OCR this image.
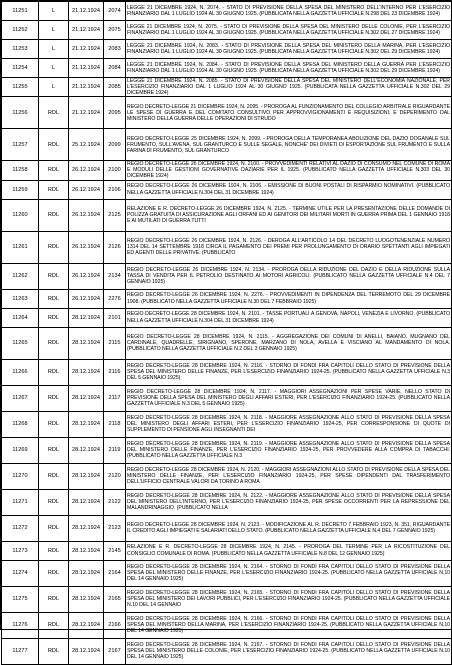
11251	L	21.12.1924	2074	LEGGE 21 DICEMBRE 1924, N. 2074. - STATO DI PREVISIONE DELLA SPESA DEL MINISTERO DELL'INTERNO PER L'ESERCIZIO FINANZIARIO DAL 1 LUGLIO 1924 AL 30 GIUGNO 1925. (PUBBLICATA NELLA GAZZETTA UFFICIALE N.298 DEL 23 DICEMBRE 1924)
11252	L	21.12.1924	2075	LEGGE 21 DICEMBRE 1924, N. 2075. - STATO DI PREVISIONE DELLA SPESA DEL MINISTERO DELLE COLONIE, PER L'ESERCIZIO FINANZIARIO DAL 1 LUGLIO 1924 AL 30 GIUGNO 1925. (PUBBLICATA NELLA GAZZETTA UFFICIALE N.302 DEL 27 DICEMBRE 1924)
11253	L	21.12.1924	2083	LEGGE 21 DICEMBRE 1924, N. 2083. - STATO DI PREVISIONE DELLA SPESA DEL MINISTERO DELLA MARINA, PER L'ESERCIZIO FINANZIARIO DAL 1 LUGLIO 1924 AL 30 GIUGNO 1925. (PUBBLICATA NELLA GAZZETTA UFFICIALE N.302 DEL 29 DICEMBRE 1924)
11254	L	21.12.1924	2084	LEGGE 21 DICEMBRE 1924, N. 2084. - STATO DI PREVISIONE DELLA SPESA DEL MINISTERO DELLA GUERRA PER L'ESERCIZIO FINANZIARIO DAL 1 LUGLIO 1924 AL 30 GIUGNO 1925. (PUBBLICATA NELLA GAZZETTA UFFICIALE N.302 DEL 29 DICEMBRE 1924)
11255	L	21.12.1924	2085	LEGGE 21 DICEMBRE 1924, N. 2085. - STATO DI PREVISIONE DELLA SPESA DEL MINISTERO DELL'ECONOMIA NAZIONALE, PER L'ESERCIZIO FINANZIARIO DAL 1 LUGLIO 1924 AL 30 GIUGNO 1925. (PUBBLICATA NELLA GAZZETTA UFFICIALE N.302 DEL 29 DICEMBRE 1924)
11256	RDL	21.12.1924	2095	REGIO DECRETO-LEGGE 21 DICEMBRE 1924, N. 2095. - PROROGA AL FUNZIONAMENTO DEL COLLEGIO ARBITRALE RIGUARDANTE LE SPESE DI GUERRA E DEL COMITATO CONSULTIVO PER APPROVVIGIONAMENTI E REQUISIZIONI, E DEPERIMENTO DAL MINISTERO DELLA GUERRA DELLE OPERAZIONI DI STRUDO
11257	RDL	25.12.1924	2099	REGIO DECRETO-LEGGE 25 DICEMBRE 1924, N. 2099. - PROROGA DELLA TEMPORANEA ABOLIZIONE DEL DAZIO DOGANALE SUL FRUMENTO, SULL'AVENA, SUL GRANTURCO E SULLE SEGALE, NONCHE' DEI DIVIETI DI ESPORTAZIONE SUL FRUMENTO E SULLA FARINA DI FRUMENTO, SUL GRANTURCO
11258	RDL	26.12.1924	2100	REGIO DECRETO-LEGGE 26 DICEMBRE 1924, N. 2100. - PROVVEDIMENTI RELATIVI AL DAZIO DI CONSUMO NEL COMUNE DI ROMA E MODULI DELLE GESTIONI GOVERNATIVE DAZIARIE PER IL 1925. (PUBBLICATO NELLA GAZZETTA UFFICIALE N.303 DEL 30 DICEMBRE 1924)
11259	RDL	26.12.1924	2106	REGIO DECRETO-LEGGE 26 DICEMBRE 1924, N. 2106. - EMISSIONE DI BUONI POSTALI DI RISPARMIO NOMINATIVI. (PUBBLICATO NELLA GAZZETTA UFFICIALE N.304 DEL 31 DICEMBRE 1924)
11260	RDL	26.12.1924	2125	RELAZIONE E R. DECRETO-LEGGE 26 DICEMBRE 1924, N. 2125. - TERMINE UTILE PER LA PRESENTAZIONE DELLE DOMANDE DI POLIZZA GRATUITA DI ASSICURAZIONE AGLI ORFANI ED AI GENITORI DEI MILITARI MORTI IN GUERRA PRIMA DEL 1 GENNAIO 1918 E AI MUTILATI DI GUERRA TUTTI
11261	RDL	26.12.1924	2126	REGIO DECRETO-LEGGE 26 DICEMBRE 1924, N. 2126. - DEROGA ALL'ARTICOLO 14 DEL DECRETO LUOGOTENENZIALE NUMERO 1314 DEL 14 SETTEMBRE 1918 CIRCA IL PAGAMENTO DEI PREMI PER PROLUNGAMENTO DI ORARIO SPETTANTI AGLI IMPIEGATI ED AGENTI DELLE PRIVATIVE. (PUBBLICATO
11262	RDL	26.12.1924	2134	REGIO DECRETO-LEGGE 26 DICEMBRE 1924, N. 2134. - PROROGA DELLA RIDUZIONE DEL DAZIO E DELLA RIDUZIONE SULLA TASSA DI VENDITA PER IL PETROLIO DESTINATO AI MOTORI AGRICOLI. (PUBBLICATO NELLA GAZZETTA UFFICIALE N.4 DEL 7 GENNAIO 1925)
11263	RDL	26.12.1924	2276	REGIO DECRETO-LEGGE 26 DICEMBRE 1924, N. 2276. - PROVVEDIMENTI IN DIPENDENZA DEL TERREMOTO DEL 29 DICEMBRE 1908. (PUBBLICATO NELLA GAZZETTA UFFICIALE N.30 DEL 7 FEBBRAIO 1925)
11264	RDL	28.12.1924	2101	REGIO DECRETO-LEGGE 28 DICEMBRE 1924, N. 2101. - TASSE PORTUALI A GENOVA, NAPOLI, VENEZIA E LIVORNO. (PUBBLICATO NELLA GAZZETTA UFFICIALE N.304 DEL 31 DICEMBRE 1924)
11265	RDL	28.12.1924	2115	REGIO DECRETO-LEGGE 28 DICEMBRE 1924, N. 2115. - AGGREGAZIONE DEI COMUNI DI ANELLI, BAIANO, MUGNANO DEL CARDINALE, QUADRELLE, SIRIGNANO, SPERONE, MARZANO DI NOLA, AVELLA E VISCIANO AL MANDAMENTO DI NOLA. (PUBBLICATO NELLA GAZZETTA UFFICIALE N.2 DEL 3 GENNAIO 1925)
11266	RDL	28.12.1924	2116	REGIO DECRETO-LEGGE 28 DICEMBRE 1924, N. 2116. - STORNO DI FONDI FRA CAPITOLI DELLO STATO DI PREVISIONE DELLA SPESA DEL MINISTERO DELLE FINANZE, PER L'ESERCIZIO FINANZIARIO 1924-25. (PUBBLICATO NELLA GAZZETTA UFFICIALE N.3 DEL 5 GENNAIO 1925)
11267	RDL	28.12.1924	2117	REGIO DECRETO-LEGGE 28 DICEMBRE 1924, N. 2117. - MAGGIORI ASSEGNAZIONI PER SPESE VARIE, NELLO STATO DI PREVISIONE DELLA SPESA DEL MINISTERO DEGLI AFFARI ESTERI, PER L'ESERCIZIO FINANZIARIO 1924-25. (PUBBLICATO NELLA GAZZETTA UFFICIALE N.3 DEL 5 GENNAIO 1925)
11268	RDL	28.12.1924	2118	REGIO DECRETO-LEGGE 28 DICEMBRE 1924, N. 2118. - MAGGIORE ASSEGNAZIONE ALLO STATO DI PREVISIONE DELLA SPESA DEL MINISTERO DEGLI AFFARI ESTERI, PER L'ESERCIZIO FINANZIARIO 1924-25, PER CORRESPONSIONE DI QUOTE DI SUPPLEMENTO DI PENSIONE AGLI INSEGNANTI DEI
11269	RDL	28.12.1924	2119	REGIO DECRETO-LEGGE 28 DICEMBRE 1924, N. 2119. - MAGGIORE ASSEGNAZIONE ALLO STATO DI PREVISIONE DELLA SPESA DEL MINISTERO DELLE FINANZE, PER L'ESERCIZIO FINANZIARIO 1924-25, PER PROVVEDERE ALLA COMPRA DI TABACCHI. (PUBBLICATO NELLA GAZZETTA UFFICIALE N.3
11270	RDL	28.12.1924	2120	REGIO DECRETO-LEGGE 28 DICEMBRE 1924, N. 2120. - MAGGIORI ASSEGNAZIONI ALLO STATO DI PREVISIONE DELLA SPESA DEL MINISTERO DELLE FINANZE, PER L'ESERCIZIO FINANZIARIO 1924-25, PER SPESE DIPENDENTI DAL TRASFERIMENTO DELL'UFFICIO CENTRALE VALORI DA TORINO A ROMA
11271	RDL	28.12.1924	2122	REGIO DECRETO-LEGGE 28 DICEMBRE 1924, N. 2122. - MAGGIORE ASSEGNAZIONE ALLO STATO DI PREVISIONE DELLA SPESA DEL MINISTERO DELL'INTERNO, PER L'ESERCIZIO FINANZIARIO 1924-25, PER SPESE OCCORRENTI PER LA REPRESSIONE DEL MALANDRINAGGIO. (PUBBLICATO NELLA
11272	RDL	28.12.1924	2123	REGIO DECRETO-LEGGE 28 DICEMBRE 1924, N. 2123. - MODIFICAZIONE AL R. DECRETO 7 FEBBRAIO 1923, N. 351, RIGUARDANTE IL CREDITO AGLI IMPIEGATI E SALARIATI DELLO STATO. (PUBBLICATO NELLA GAZZETTA UFFICIALE N.4 DEL 7 GENNAIO 1925)
11273	RDL	28.12.1924	2145	RELAZIONE E R. DECRETO-LEGGE 28 DICEMBRE 1924, N. 2145. - PROROGA DEL TERMINE PER LA RICOSTITUZIONE DEL CONSIGLIO COMUNALE DI ROMA. (PUBBLICATO NELLA GAZZETTA UFFICIALE N.8 DEL 12 GENNAIO 1925)
11274	RDL	28.12.1924	2164	REGIO DECRETO-LEGGE 28 DICEMBRE 1924, N. 2164. - STORNO DI FONDI FRA CAPITOLI DELLO STATO DI PREVISIONE DELLA SPESA DEL MINISTERO DELLE FINANZE, PER L'ESERCIZIO FINANZIARIO 1924-25. (PUBBLICATO NELLA GAZZETTA UFFICIALE N.10 DEL 14 GENNAIO 1925)
11275	RDL	28.12.1924	2165	REGIO DECRETO-LEGGE 28 DICEMBRE 1924, N. 2165. - STORNO DI FONDI FRA CAPITOLI DELLO STATO DI PREVISIONE DELLA SPESA DEL MINISTERO DEI LAVORI PUBBLICI, PER L'ESERCIZIO FINANZIARIO 1924-25. (PUBBLICATO NELLA GAZZETTA UFFICIALE N.10 DEL 14 GENNAIO
11276	RDL	28.12.1924	2166	REGIO DECRETO-LEGGE 28 DICEMBRE 1924, N. 2166. - STORNO DI FONDI FRA CAPITOLI DELLO STATO DI PREVISIONE DELLA SPESA DEL MINISTERO DELLA MARINA, PER L'ESERCIZIO FINANZIARIO 1924-25. (PUBBLICATO NELLA GAZZETTA UFFICIALE N.10 DEL 14 GENNAIO 1925)
11277	RDL	28.12.1924	2167	REGIO DECRETO-LEGGE 28 DICEMBRE 1924, N. 2167. - STORNO DI FONDI FRA CAPITOLI DELLO STATO DI PREVISIONE DELLA SPESA DEL MINISTERO DELLE COLONIE, PER L'ESERCIZIO FINANZIARIO 1924-25. (PUBBLICATO NELLA GAZZETTA UFFICIALE N.10 DEL 14 GENNAIO 1925)
